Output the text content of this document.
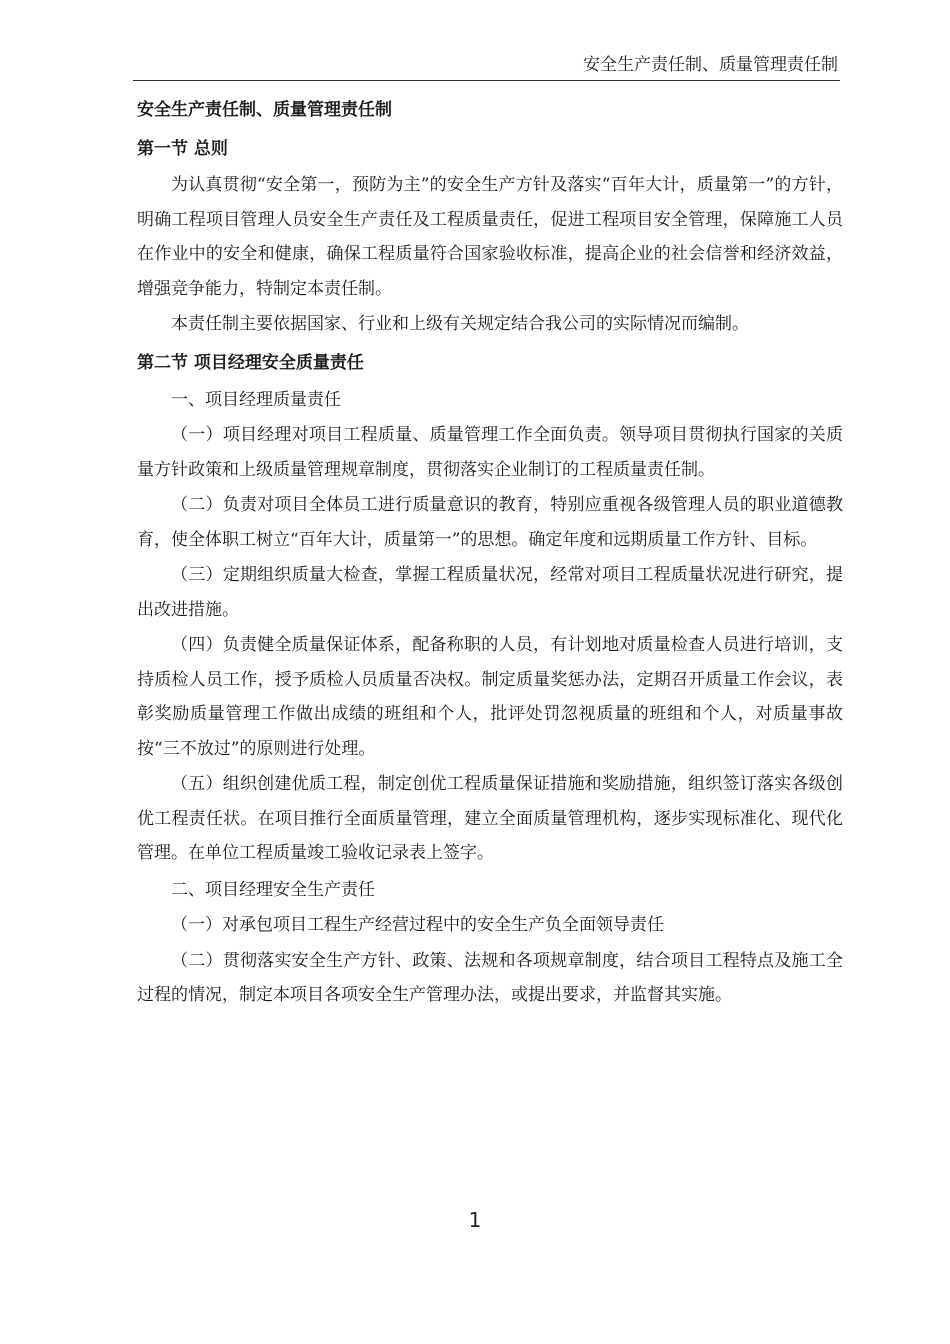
安全生产责任制、质量管理责任制
安全生产责任制、质量管理责任制
第一节 总则
为认真贯彻“安全第一，预防为主”的安全生产方针及落实“百年大计，质量第一”的方针，明确工程项目管理人员安全生产责任及工程质量责任，促进工程项目安全管理，保障施工人员在作业中的安全和健康，确保工程质量符合国家验收标准，提高企业的社会信誉和经济效益，增强竞争能力，特制定本责任制。
本责任制主要依据国家、行业和上级有关规定结合我公司的实际情况而编制。
第二节 项目经理安全质量责任
一、项目经理质量责任
（一）项目经理对项目工程质量、质量管理工作全面负责。领导项目贯彻执行国家的关质量方针政策和上级质量管理规章制度，贯彻落实企业制订的工程质量责任制。
（二）负责对项目全体员工进行质量意识的教育，特别应重视各级管理人员的职业道德教育，使全体职工树立“百年大计，质量第一”的思想。确定年度和远期质量工作方针、目标。
（三）定期组织质量大检查，掌握工程质量状况，经常对项目工程质量状况进行研究，提出改进措施。
（四）负责健全质量保证体系，配备称职的人员，有计划地对质量检查人员进行培训，支持质检人员工作，授予质检人员质量否决权。制定质量奖惩办法，定期召开质量工作会议，表彰奖励质量管理工作做出成绩的班组和个人，批评处罚忽视质量的班组和个人，对质量事故按“三不放过”的原则进行处理。
（五）组织创建优质工程，制定创优工程质量保证措施和奖励措施，组织签订落实各级创优工程责任状。在项目推行全面质量管理，建立全面质量管理机构，逐步实现标准化、现代化管理。在单位工程质量竣工验收记录表上签字。
二、项目经理安全生产责任
（一）对承包项目工程生产经营过程中的安全生产负全面领导责任
（二）贯彻落实安全生产方针、政策、法规和各项规章制度，结合项目工程特点及施工全过程的情况，制定本项目各项安全生产管理办法，或提出要求，并监督其实施。
1
